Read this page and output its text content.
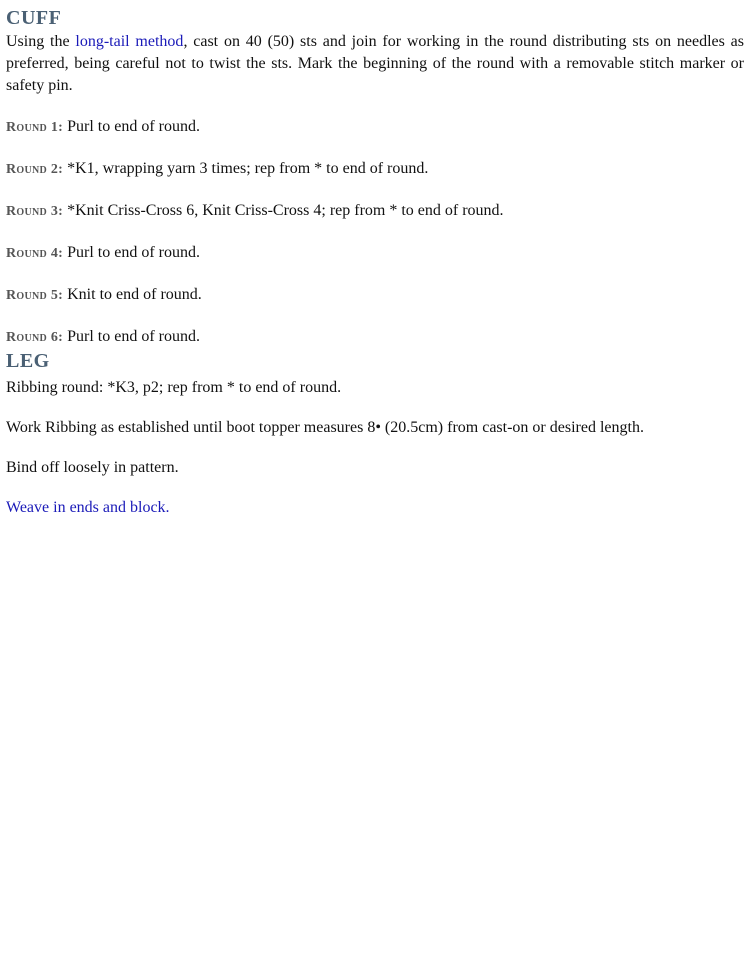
CUFF

Using the long-tail method, cast on 40 (50) sts and join for working in the round distributing sts on needles as preferred, being careful not to twist the sts. Mark the beginning of the round with a removable stitch marker or safety pin.

Round 1: Purl to end of round.

Round 2: *K1, wrapping yarn 3 times; rep from * to end of round.

Round 3: *Knit Criss-Cross 6, Knit Criss-Cross 4; rep from * to end of round.

Round 4: Purl to end of round.

Round 5: Knit to end of round.

Round 6: Purl to end of round.

LEG

Ribbing round: *K3, p2; rep from * to end of round.

Work Ribbing as established until boot topper measures 8• (20.5cm) from cast-on or desired length.

Bind off loosely in pattern.

Weave in ends and block.
